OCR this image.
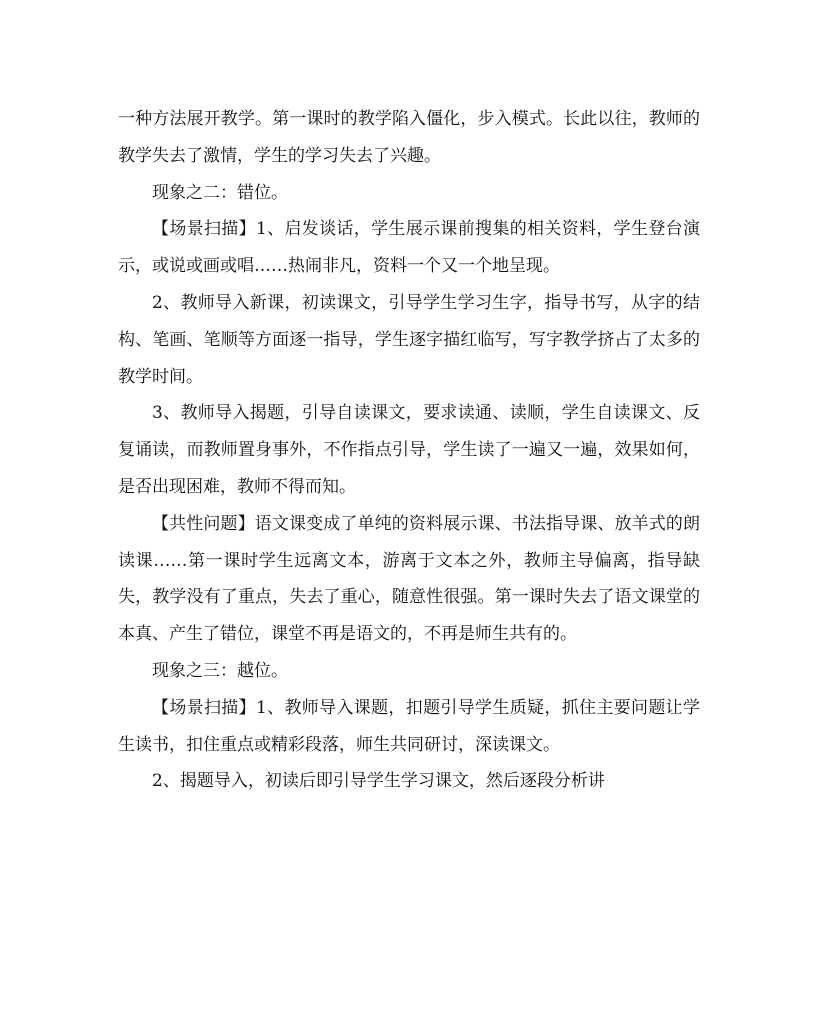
一种方法展开教学。第一课时的教学陷入僵化，步入模式。长此以往，教师的教学失去了激情，学生的学习失去了兴趣。

现象之二：错位。

【场景扫描】1、启发谈话，学生展示课前搜集的相关资料，学生登台演示，或说或画或唱……热闹非凡，资料一个又一个地呈现。

2、教师导入新课，初读课文，引导学生学习生字，指导书写，从字的结构、笔画、笔顺等方面逐一指导，学生逐字描红临写，写字教学挤占了太多的教学时间。

3、教师导入揭题，引导自读课文，要求读通、读顺，学生自读课文、反复诵读，而教师置身事外，不作指点引导，学生读了一遍又一遍，效果如何，是否出现困难，教师不得而知。

【共性问题】语文课变成了单纯的资料展示课、书法指导课、放羊式的朗读课……第一课时学生远离文本，游离于文本之外，教师主导偏离，指导缺失，教学没有了重点，失去了重心，随意性很强。第一课时失去了语文课堂的本真、产生了错位，课堂不再是语文的，不再是师生共有的。

现象之三：越位。

【场景扫描】1、教师导入课题，扣题引导学生质疑，抓住主要问题让学生读书，扣住重点或精彩段落，师生共同研讨，深读课文。

2、揭题导入，初读后即引导学生学习课文，然后逐段分析讲
